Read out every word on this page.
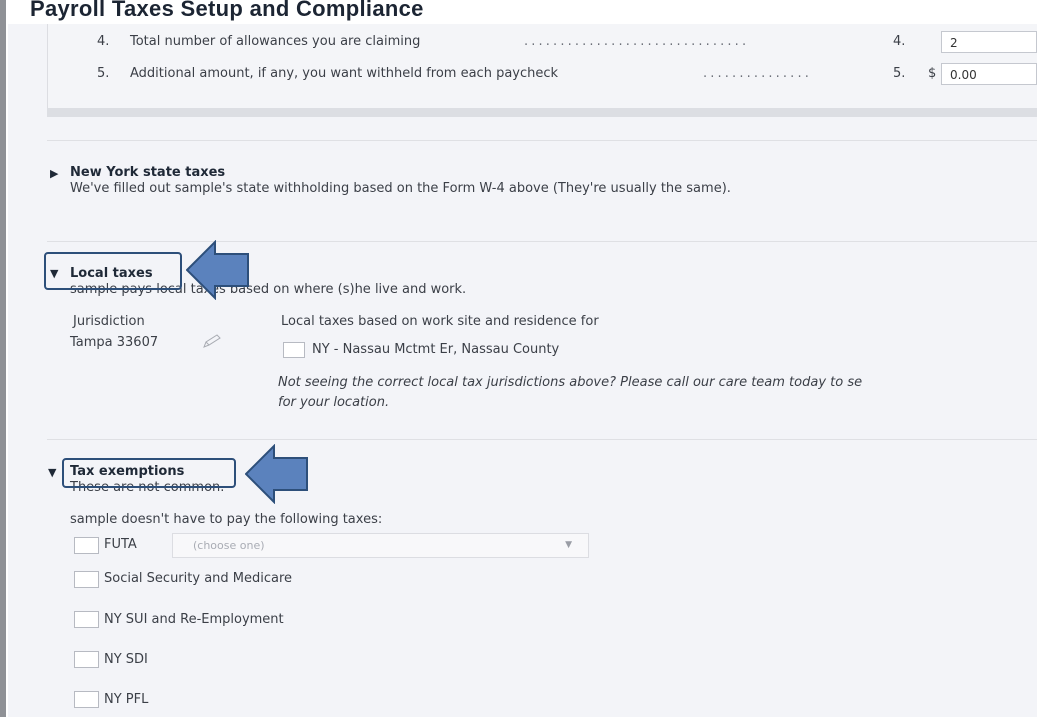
Payroll Taxes Setup and Compliance
4. Total number of allowances you are claiming	. . . . . . . . . . . . . . . . . . . . . . . . . . . . . . .	4.	2
5. Additional amount, if any, you want withheld from each paycheck	. . . . . . . . . . . . . . .	5. $	0.00
▶ New York state taxes
We've filled out sample's state withholding based on the Form W-4 above (They're usually the same).
▼ Local taxes
sample pays local taxes based on where (s)he live and work.
Jurisdiction
Tampa 33607
Local taxes based on work site and residence for
NY - Nassau Mctmt Er, Nassau County
Not seeing the correct local tax jurisdictions above? Please call our care team today to se
for your location.
▼ Tax exemptions
These are not common.
sample doesn't have to pay the following taxes:
FUTA	(choose one)	▼
Social Security and Medicare
NY SUI and Re-Employment
NY SDI
NY PFL
